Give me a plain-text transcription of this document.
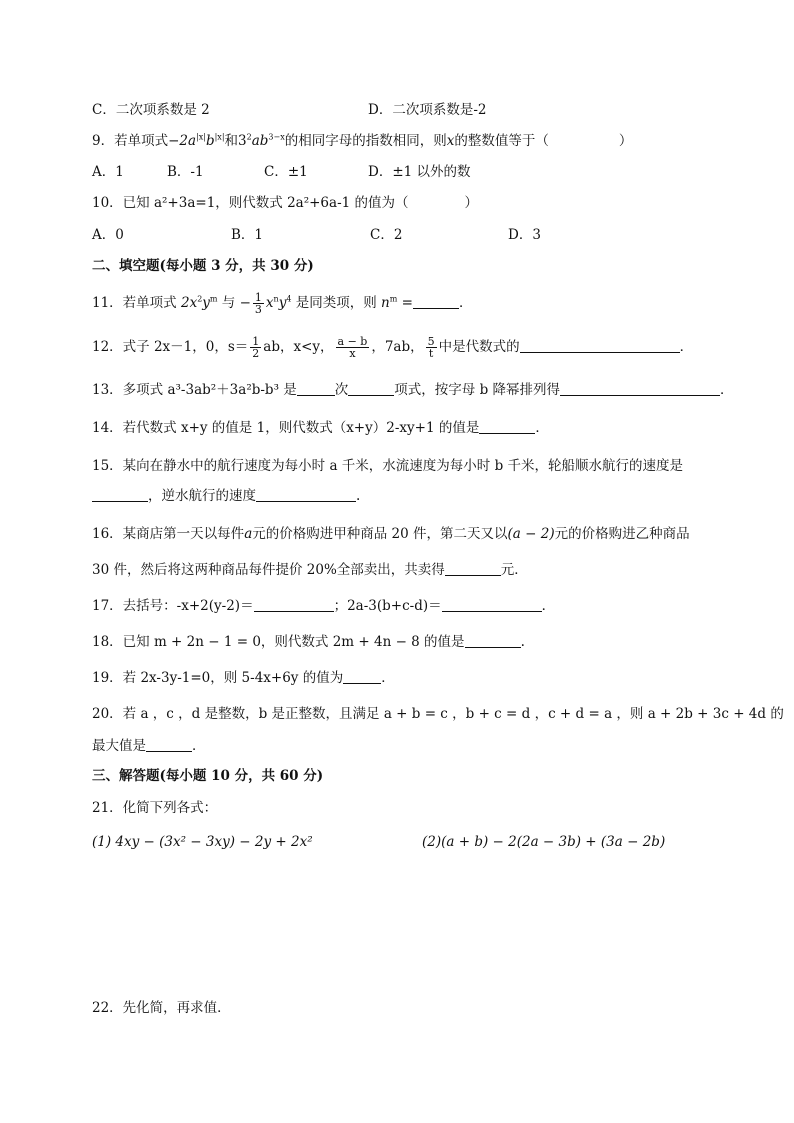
C．二次项系数是 2	D．二次项系数是-2
9．若单项式$-2a^{|x|}b^{|x|}$和$3^2ab^{3-x}$的相同字母的指数相同，则x的整数值等于（	）
A．1	B．-1	C．±1	D．±1 以外的数
10．已知 a²+3a=1，则代数式 2a²+6a-1 的值为（	）
A．0	B．1	C．2	D．3
二、填空题(每小题 3 分，共 30 分)
11．若单项式 $2x^2y^m$ 与 − $\frac{1}{3} x^ny^4$ 是同类项，则 $n^m$ =	．
12．式子 2x－1，0，$s= \frac{1}{2}$ ab，x<y， $\frac{a - b}{x}$ ，7ab， $\frac{5}{t}$ 中是代数式的	．
13．多项式 a³-3ab²＋3a²b-b³ 是	次	项式，按字母 b 降幂排列得	．
14．若代数式 x+y 的值是 1，则代数式（x+y）2-xy+1 的值是	．
15．某向在静水中的航行速度为每小时 a 千米，水流速度为每小时 b 千米，轮船顺水航行的速度是
，逆水航行的速度	.
16．某商店第一天以每件a元的价格购进甲种商品 20 件，第二天又以(a − 2)元的价格购进乙种商品
30 件，然后将这两种商品每件提价 20%全部卖出，共卖得	元．
17．去括号：-x+2(y-2)＝	；2a-3(b+c-d)＝	．
18．已知 m + 2n − 1 = 0，则代数式 2m + 4n − 8 的值是	.
19．若 2x-3y-1=0，则 5-4x+6y 的值为	．
20．若 a ，c ，d 是整数，b 是正整数，且满足 a + b = c ，b + c = d ，c + d = a ，则 a + 2b + 3c + 4d 的
最大值是	．
三、解答题(每小题 10 分，共 60 分)
21．化简下列各式：
(1) 4xy − (3x² − 3xy) − 2y + 2x²	(2)(a + b) − 2(2a − 3b) + (3a − 2b)
22．先化简，再求值．
